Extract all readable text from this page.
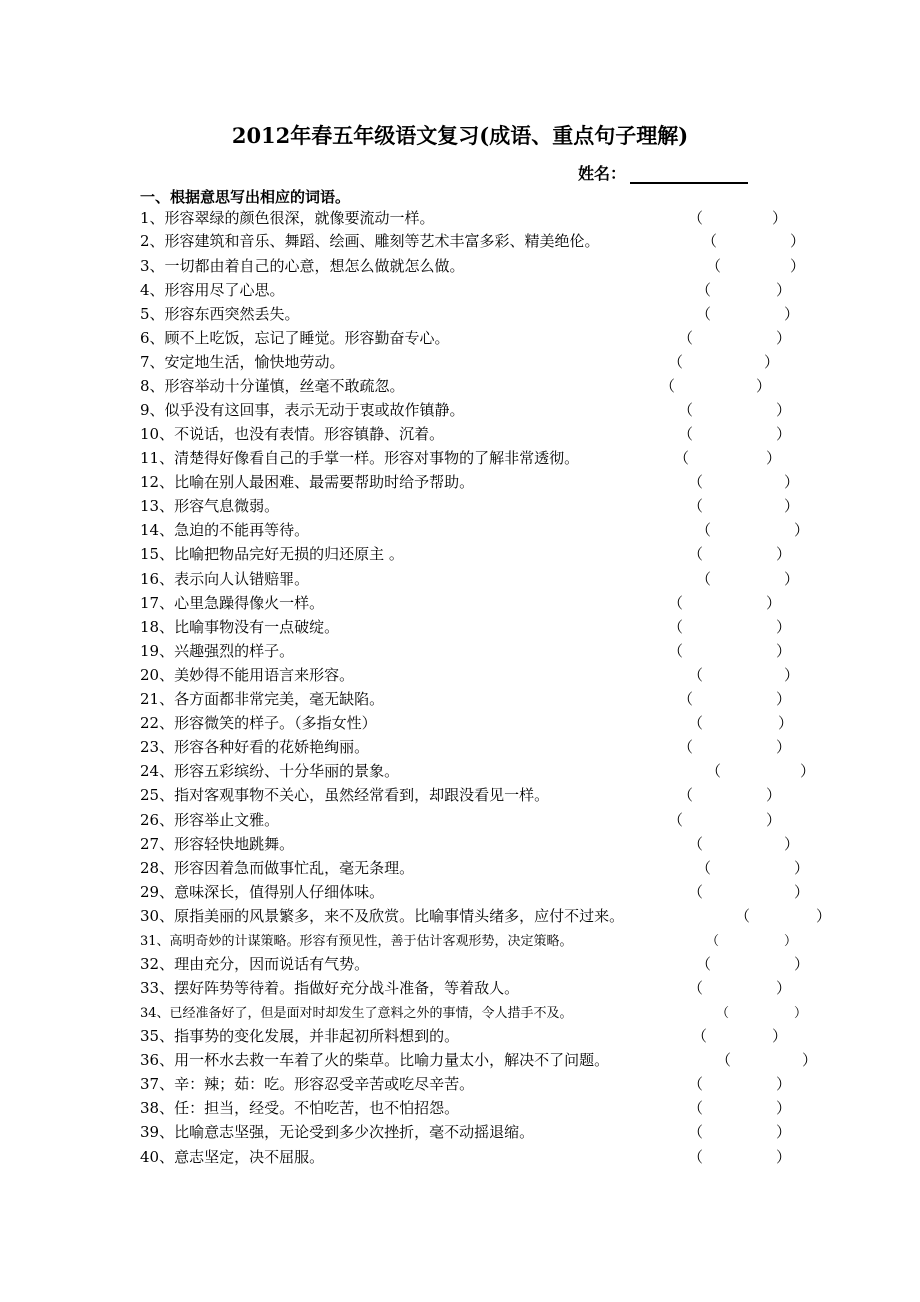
2012年春五年级语文复习(成语、重点句子理解)
姓名：
一、根据意思写出相应的词语。
1、形容翠绿的颜色很深，就像要流动一样。	（	）
2、形容建筑和音乐、舞蹈、绘画、雕刻等艺术丰富多彩、精美绝伦。	（	）
3、一切都由着自己的心意，想怎么做就怎么做。	（	）
4、形容用尽了心思。	（	）
5、形容东西突然丢失。	（	）
6、顾不上吃饭，忘记了睡觉。形容勤奋专心。	（	）
7、安定地生活，愉快地劳动。	（	）
8、形容举动十分谨慎，丝毫不敢疏忽。	（	）
9、似乎没有这回事，表示无动于衷或故作镇静。	（	）
10、不说话，也没有表情。形容镇静、沉着。	（	）
11、清楚得好像看自己的手掌一样。形容对事物的了解非常透彻。	（	）
12、比喻在别人最困难、最需要帮助时给予帮助。	（	）
13、形容气息微弱。	（	）
14、急迫的不能再等待。	（	）
15、比喻把物品完好无损的归还原主 。	（	）
16、表示向人认错赔罪。	（	）
17、心里急躁得像火一样。	（	）
18、比喻事物没有一点破绽。	（	）
19、兴趣强烈的样子。	（	）
20、美妙得不能用语言来形容。	（	）
21、各方面都非常完美，毫无缺陷。	（	）
22、形容微笑的样子。（多指女性）	（	）
23、形容各种好看的花娇艳绚丽。	（	）
24、形容五彩缤纷、十分华丽的景象。	（	）
25、指对客观事物不关心，虽然经常看到，却跟没看见一样。	（	）
26、形容举止文雅。	（	）
27、形容轻快地跳舞。	（	）
28、形容因着急而做事忙乱，毫无条理。	（	）
29、意味深长，值得别人仔细体味。	（	）
30、原指美丽的风景繁多，来不及欣赏。比喻事情头绪多，应付不过来。	（	）
31、高明奇妙的计谋策略。形容有预见性，善于估计客观形势，决定策略。	（	）
32、理由充分，因而说话有气势。	（	）
33、摆好阵势等待着。指做好充分战斗准备，等着敌人。	（	）
34、已经准备好了，但是面对时却发生了意料之外的事情，令人措手不及。	（	）
35、指事势的变化发展，并非起初所料想到的。	（	）
36、用一杯水去救一车着了火的柴草。比喻力量太小，解决不了问题。	（	）
37、辛：辣；茹：吃。形容忍受辛苦或吃尽辛苦。	（	）
38、任：担当，经受。不怕吃苦，也不怕招怨。	（	）
39、比喻意志坚强，无论受到多少次挫折，毫不动摇退缩。	（	）
40、意志坚定，决不屈服。	（	）
